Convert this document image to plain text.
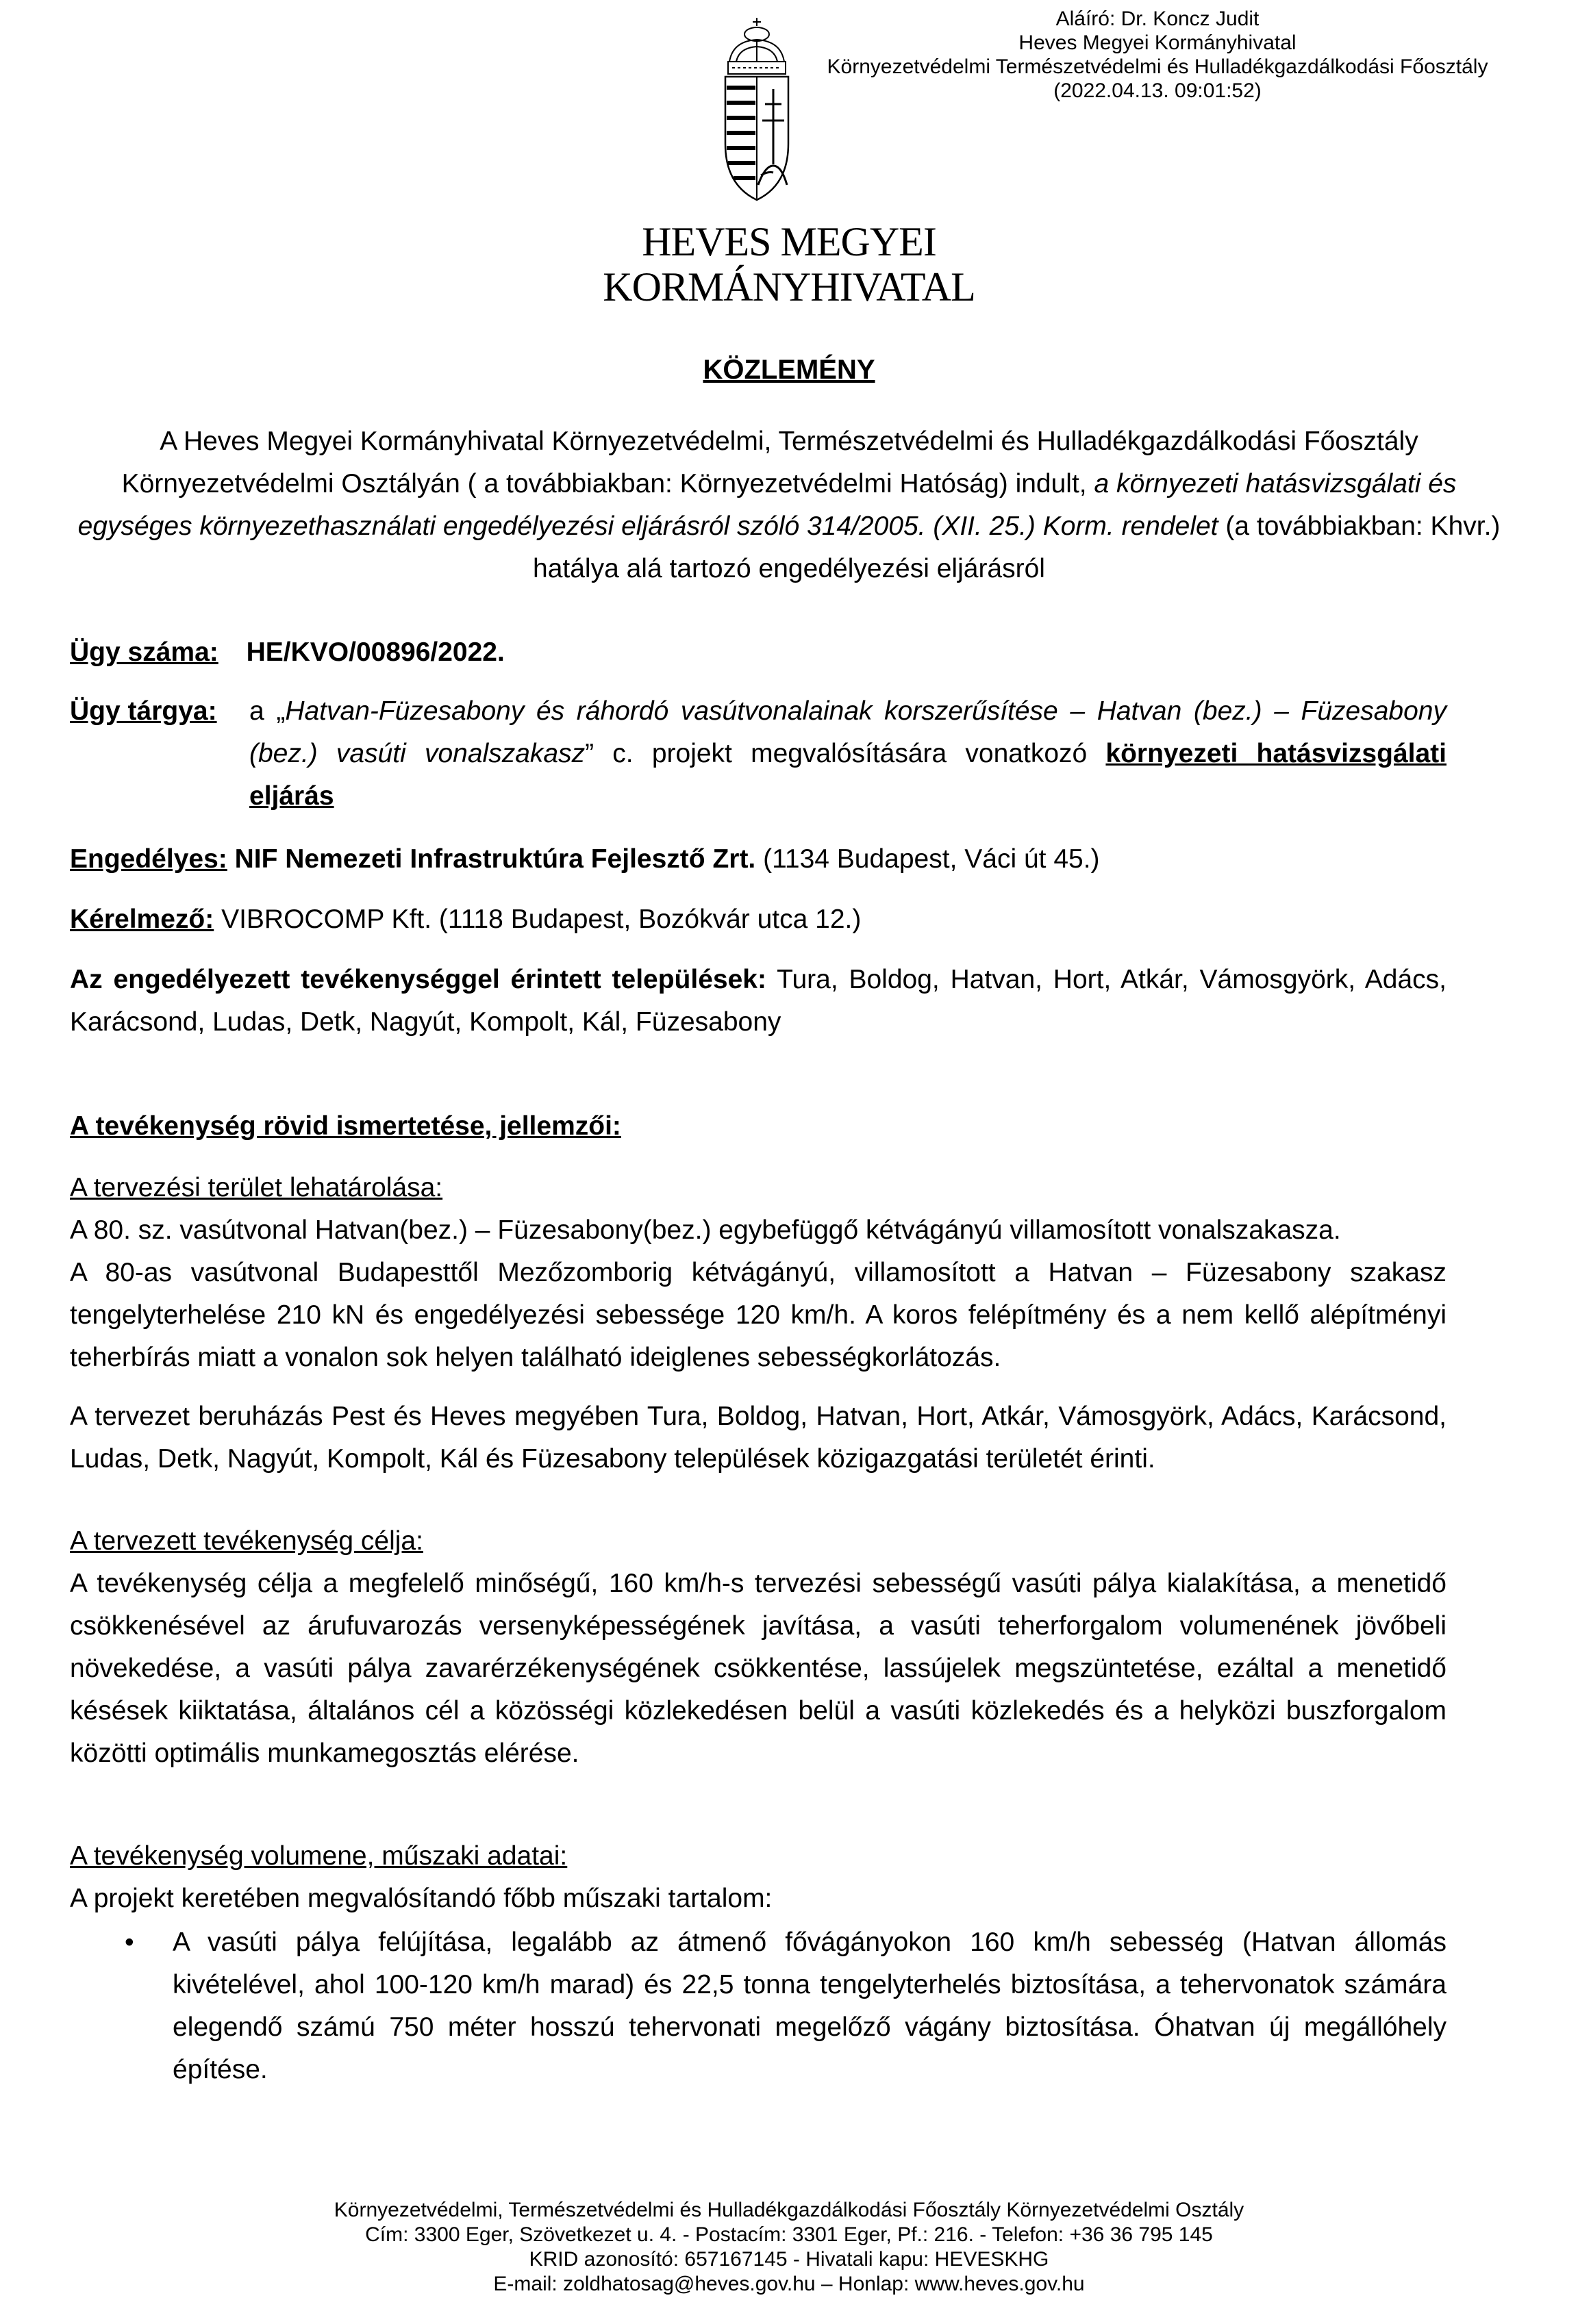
Aláíró: Dr. Koncz Judit
Heves Megyei Kormányhivatal
Környezetvédelmi Természetvédelmi és Hulladékgazdálkodási Főosztály
(2022.04.13. 09:01:52)
HEVES MEGYEI
KORMÁNYHIVATAL
KÖZLEMÉNY

A Heves Megyei Kormányhivatal Környezetvédelmi, Természetvédelmi és Hulladékgazdálkodási Főosztály Környezetvédelmi Osztályán ( a továbbiakban: Környezetvédelmi Hatóság) indult, a környezeti hatásvizsgálati és egységes környezethasználati engedélyezési eljárásról szóló 314/2005. (XII. 25.) Korm. rendelet (a továbbiakban: Khvr.) hatálya alá tartozó engedélyezési eljárásról

Ügy száma: HE/KVO/00896/2022.
Ügy tárgya: a „Hatvan-Füzesabony és ráhordó vasútvonalainak korszerűsítése – Hatvan (bez.) – Füzesabony (bez.) vasúti vonalszakasz” c. projekt megvalósítására vonatkozó környezeti hatásvizsgálati eljárás
Engedélyes: NIF Nemezeti Infrastruktúra Fejlesztő Zrt. (1134 Budapest, Váci út 45.)
Kérelmező: VIBROCOMP Kft. (1118 Budapest, Bozókvár utca 12.)
Az engedélyezett tevékenységgel érintett települések: Tura, Boldog, Hatvan, Hort, Atkár, Vámosgyörk, Adács, Karácsond, Ludas, Detk, Nagyút, Kompolt, Kál, Füzesabony
A tevékenység rövid ismertetése, jellemzői:
A tervezési terület lehatárolása:
A 80. sz. vasútvonal Hatvan(bez.) – Füzesabony(bez.) egybefüggő kétvágányú villamosított vonalszakasza.
A 80-as vasútvonal Budapesttől Mezőzomborig kétvágányú, villamosított a Hatvan – Füzesabony szakasz tengelyterhelése 210 kN és engedélyezési sebessége 120 km/h. A koros felépítmény és a nem kellő alépítményi teherbírás miatt a vonalon sok helyen található ideiglenes sebességkorlátozás.
A tervezet beruházás Pest és Heves megyében Tura, Boldog, Hatvan, Hort, Atkár, Vámosgyörk, Adács, Karácsond, Ludas, Detk, Nagyút, Kompolt, Kál és Füzesabony települések közigazgatási területét érinti.
A tervezett tevékenység célja:
A tevékenység célja a megfelelő minőségű, 160 km/h-s tervezési sebességű vasúti pálya kialakítása, a menetidő csökkenésével az árufuvarozás versenyképességének javítása, a vasúti teherforgalom volumenének jövőbeli növekedése, a vasúti pálya zavarérzékenységének csökkentése, lassújelek megszüntetése, ezáltal a menetidő késések kiiktatása, általános cél a közösségi közlekedésen belül a vasúti közlekedés és a helyközi buszforgalom közötti optimális munkamegosztás elérése.
A tevékenység volumene, műszaki adatai:
A projekt keretében megvalósítandó főbb műszaki tartalom:
• A vasúti pálya felújítása, legalább az átmenő fővágányokon 160 km/h sebesség (Hatvan állomás kivételével, ahol 100-120 km/h marad) és 22,5 tonna tengelyterhelés biztosítása, a tehervonatok számára elegendő számú 750 méter hosszú tehervonati megelőző vágány biztosítása. Óhatvan új megállóhely építése.
Környezetvédelmi, Természetvédelmi és Hulladékgazdálkodási Főosztály Környezetvédelmi Osztály
Cím: 3300 Eger, Szövetkezet u. 4. - Postacím: 3301 Eger, Pf.: 216. - Telefon: +36 36 795 145
KRID azonosító: 657167145 - Hivatali kapu: HEVESKHG
E-mail: zoldhatosag@heves.gov.hu – Honlap: www.heves.gov.hu
